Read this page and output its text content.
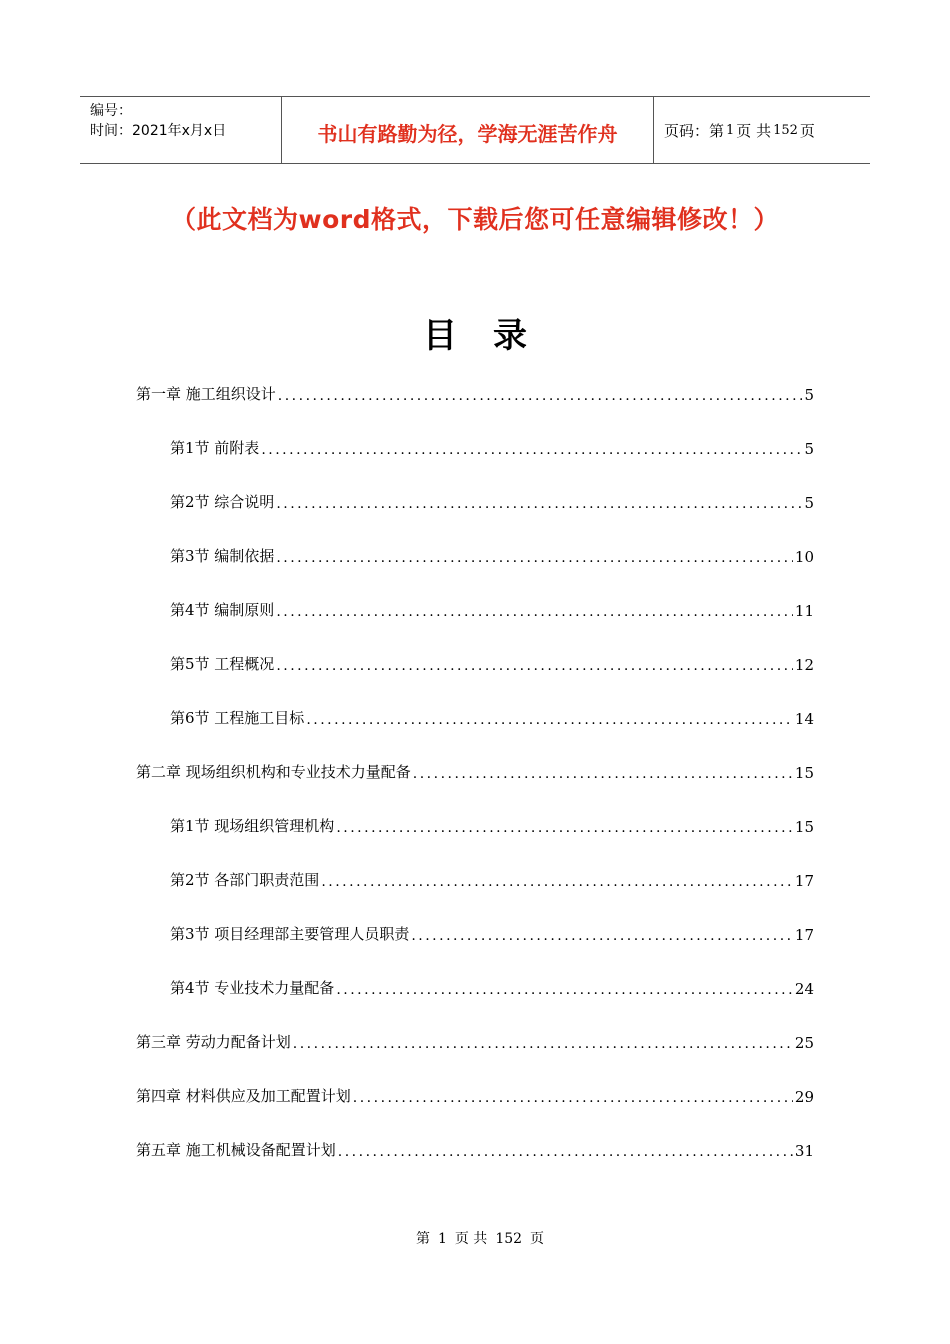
编号：
时间：2021年x月x日	书山有路勤为径，学海无涯苦作舟	页码：第 1 页 共 152 页
（此文档为word格式，下载后您可任意编辑修改！）
目录
第一章 施工组织设计 .....	5
第1节 前附表 .....	5
第2节 综合说明 .....	5
第3节 编制依据 .....	10
第4节 编制原则 .....	11
第5节 工程概况 .....	12
第6节 工程施工目标 .....	14
第二章 现场组织机构和专业技术力量配备 .....	15
第1节 现场组织管理机构 .....	15
第2节 各部门职责范围 .....	17
第3节 项目经理部主要管理人员职责 .....	17
第4节 专业技术力量配备 .....	24
第三章 劳动力配备计划 .....	25
第四章 材料供应及加工配置计划 .....	29
第五章 施工机械设备配置计划 .....	31
第 1 页 共 152 页
